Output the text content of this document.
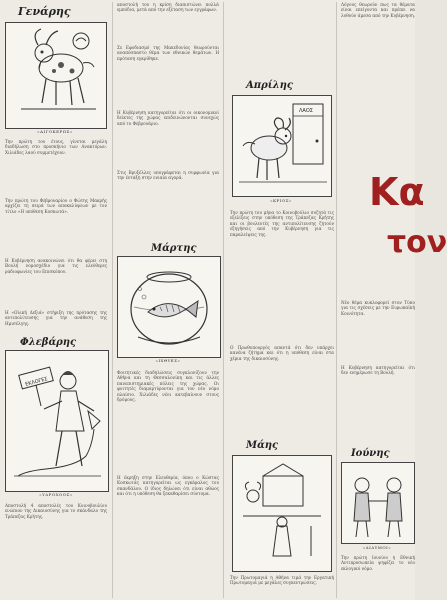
Γενάρης
«ΑΙΓΟΚΕΡΩΣ»
Την πρώτη του έτους, γίνεται μεγάλη διαδήλωση στο προσκήνιο των Ανακτόρων. Χιλιάδες λαού συμμετέχουν.
Την πρώτη του Φεβρουαρίου ο Φώτης Μακρής αρχίζει τη σειρά των αποκαλύψεων με τον τίτλο «Η υπόθεση Κοσκωτά».
Η Κυβέρνηση ανακοινώνει ότι θα φέρει στη Βουλή νομοσχέδιο για τις ελεύθερες ραδιοφωνίες του Επισκόπου.
Η «Ολική Δεξιά» στήριξη της πρότασης της αντιπολίτευσης για την ανάθεση της Ημισέλγης.
Φλεβάρης
ΕΚΛΟΓΕΣ
«ΥΔΡΟΧΟΟΣ»
Αποστολή 4 αποστολές του Κοινοβουλίου ενώπιον της Δικαιοσύνης για το σκάνδαλο της Τράπεζας Κρήτης.
αποστολή του η κρίση διαπιστώνει πολλά εμπόδια, μετά από την εξέταση των εγγράφων.
Σε Εφοδιασμό της Μακεδονίας θεωρούνται αναπόσπαστο θέμα των εθνικών θεμάτων. Η πρόταση εγκρίθηκε.
Η Κυβέρνηση κατηγορείται ότι οι οικονομικοί δείκτες της χώρας επιδεινώνονται συνεχώς από το Φεβρουάριο.
Στις Βρυξέλλες υπογράφεται η συμφωνία για την ένταξη στην ενιαία αγορά.
Μάρτης
«ΙΧΘΥΕΣ»
Φοιτητικές διαδηλώσεις συγκλονίζουν την Αθήνα και τη Θεσσαλονίκη και τις άλλες πανεπιστημιακές πόλεις της χώρας. Οι φοιτητές διαμαρτύρονται για τον νέο νόμο πλαίσιο. Χιλιάδες νέοι κατεβαίνουν στους δρόμους.
Η έκρηξη στην Ελευθερία, όπου ο Κώστας Κοσκωτάς κατηγορείται ως εγκέφαλος του σκανδάλου. Ο ίδιος δηλώνει ότι είναι αθώος και ότι η υπόθεση θα ξεκαθαρίσει σύντομα.
Απρίλης
ΛΑΟΣ
«ΚΡΙΟΣ»
Την πρώτη του μήνα το Κοινοβούλιο συζητά τις εξελίξεις στην υπόθεση της Τράπεζας Κρήτης και οι βουλευτές της αντιπολίτευσης ζητούν εξηγήσεις από την Κυβέρνηση για τις παραλείψεις της.
Ο Πρωθυπουργός απαντά ότι δεν υπάρχει κανένα ζήτημα και ότι η υπόθεση είναι στα χέρια της δικαιοσύνης.
Μάης
Την Πρωτομαγιά η Αθήνα τιμά την Εργατική Πρωτομαγιά με μεγάλες συγκεντρώσεις.
Λόγους θεωρούν πως τα θέματα είναι επείγοντα και πρέπει να λυθούν άμεσα από την Κυβέρνηση.
Κα
τον
Νέο θέμα κυκλοφορεί στον Τύπο για τις σχέσεις με την Ευρωπαϊκή Κοινότητα.
Η Κυβέρνηση κατηγορείται ότι δεν ενημέρωσε τη Βουλή.
Ιούνης
«ΔΙΔΥΜΟΙ»
Την πρώτη Ιουνίου η Εθνική Αντιπροσωπεία ψηφίζει το νέο εκλογικό νόμο.
